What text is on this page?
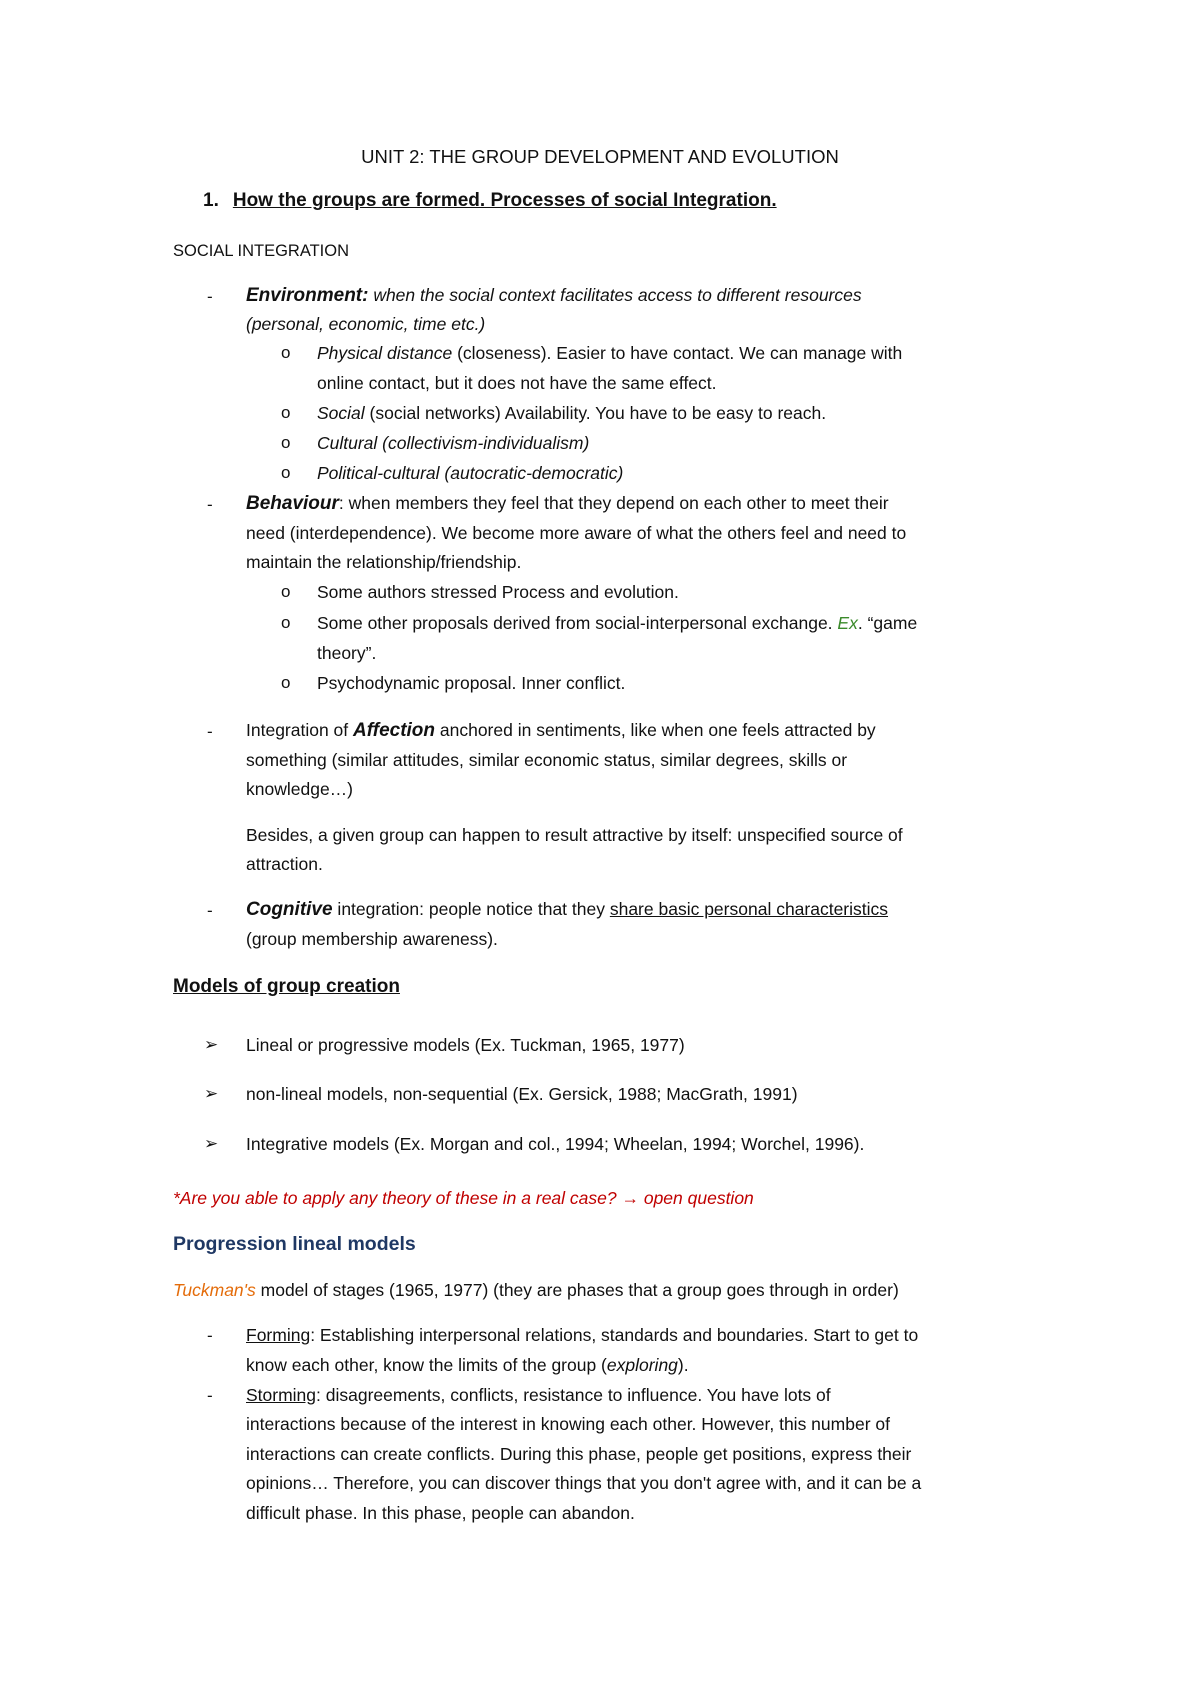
UNIT 2: THE GROUP DEVELOPMENT AND EVOLUTION
1. How the groups are formed. Processes of social Integration.
SOCIAL INTEGRATION
- Environment: when the social context facilitates access to different resources
(personal, economic, time etc.)
o Physical distance (closeness). Easier to have contact. We can manage with
online contact, but it does not have the same effect.
o Social (social networks) Availability. You have to be easy to reach.
o Cultural (collectivism-individualism)
o Political-cultural (autocratic-democratic)
- Behaviour: when members they feel that they depend on each other to meet their
need (interdependence). We become more aware of what the others feel and need to
maintain the relationship/friendship.
o Some authors stressed Process and evolution.
o Some other proposals derived from social-interpersonal exchange. Ex. “game
theory”.
o Psychodynamic proposal. Inner conflict.
- Integration of Affection anchored in sentiments, like when one feels attracted by
something (similar attitudes, similar economic status, similar degrees, skills or
knowledge…)
Besides, a given group can happen to result attractive by itself: unspecified source of
attraction.
- Cognitive integration: people notice that they share basic personal characteristics
(group membership awareness).
Models of group creation
➢ Lineal or progressive models (Ex. Tuckman, 1965, 1977)
➢ non-lineal models, non-sequential (Ex. Gersick, 1988; MacGrath, 1991)
➢ Integrative models (Ex. Morgan and col., 1994; Wheelan, 1994; Worchel, 1996).
*Are you able to apply any theory of these in a real case? → open question
Progression lineal models
Tuckman's model of stages (1965, 1977) (they are phases that a group goes through in order)
- Forming: Establishing interpersonal relations, standards and boundaries. Start to get to
know each other, know the limits of the group (exploring).
- Storming: disagreements, conflicts, resistance to influence. You have lots of
interactions because of the interest in knowing each other. However, this number of
interactions can create conflicts. During this phase, people get positions, express their
opinions… Therefore, you can discover things that you don't agree with, and it can be a
difficult phase. In this phase, people can abandon.
